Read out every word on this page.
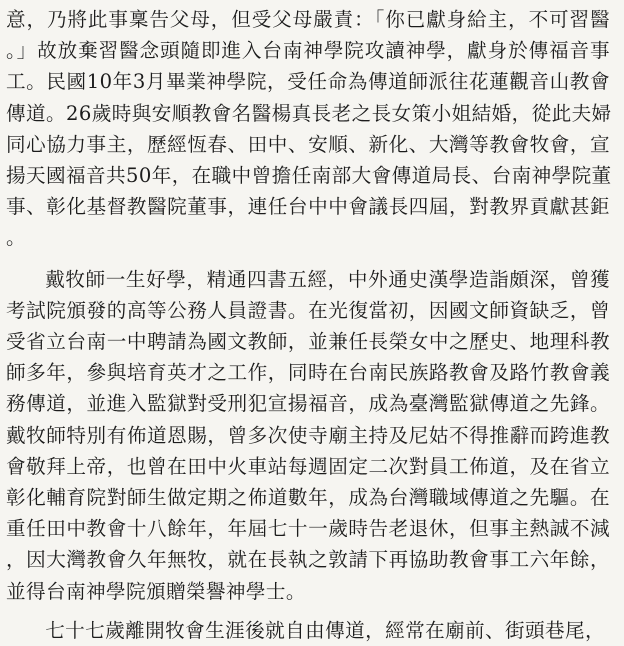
意，乃將此事稟告父母，但受父母嚴責：「你已獻身給主，不可習醫
。」故放棄習醫念頭隨即進入台南神學院攻讀神學，獻身於傳福音事
工。民國10年3月畢業神學院，受任命為傳道師派往花蓮觀音山教會
傳道。26歲時與安順教會名醫楊真長老之長女策小姐結婚，從此夫婦
同心協力事主，歷經恆春、田中、安順、新化、大灣等教會牧會，宣
揚天國福音共50年，在職中曾擔任南部大會傳道局長、台南神學院董
事、彰化基督教醫院董事，連任台中中會議長四屆，對教界貢獻甚鉅
。
戴牧師一生好學，精通四書五經，中外通史漢學造詣頗深，曾獲
考試院頒發的高等公務人員證書。在光復當初，因國文師資缺乏，曾
受省立台南一中聘請為國文教師，並兼任長榮女中之歷史、地理科教
師多年，參與培育英才之工作，同時在台南民族路教會及路竹教會義
務傳道，並進入監獄對受刑犯宣揚福音，成為臺灣監獄傳道之先鋒。
戴牧師特別有佈道恩賜，曾多次使寺廟主持及尼姑不得推辭而跨進教
會敬拜上帝，也曾在田中火車站每週固定二次對員工佈道，及在省立
彰化輔育院對師生做定期之佈道數年，成為台灣職域傳道之先驅。在
重任田中教會十八餘年，年屆七十一歲時告老退休，但事主熱誠不減
，因大灣教會久年無牧，就在長執之敦請下再協助教會事工六年餘，
並得台南神學院頒贈榮譽神學士。
七十七歲離開牧會生涯後就自由傳道，經常在廟前、街頭巷尾，
